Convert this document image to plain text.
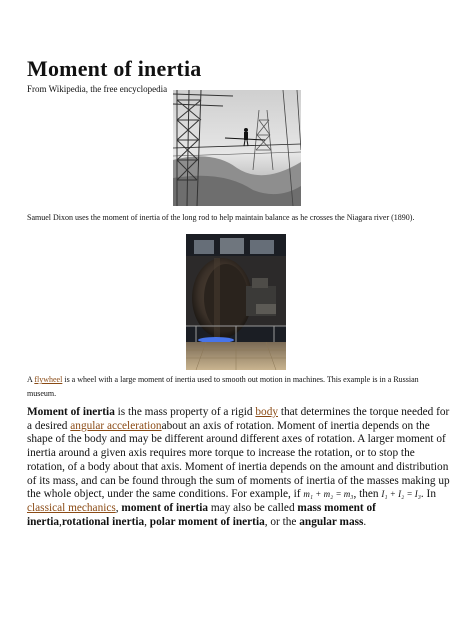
Moment of inertia
From Wikipedia, the free encyclopedia
Samuel Dixon uses the moment of inertia of the long rod to help maintain balance as he crosses the Niagara river (1890).
A flywheel is a wheel with a large moment of inertia used to smooth out motion in machines. This example is in a Russian museum.
Moment of inertia is the mass property of a rigid body that determines the torque needed for a desired angular accelerationabout an axis of rotation. Moment of inertia depends on the shape of the body and may be different around different axes of rotation. A larger moment of inertia around a given axis requires more torque to increase the rotation, or to stop the rotation, of a body about that axis. Moment of inertia depends on the amount and distribution of its mass, and can be found through the sum of moments of inertia of the masses making up the whole object, under the same conditions. For example, if m₁ + m₂ = m₃, then I₁ + I₂ = I₃. In classical mechanics, moment of inertia may also be called mass moment of inertia,rotational inertia, polar moment of inertia, or the angular mass.
